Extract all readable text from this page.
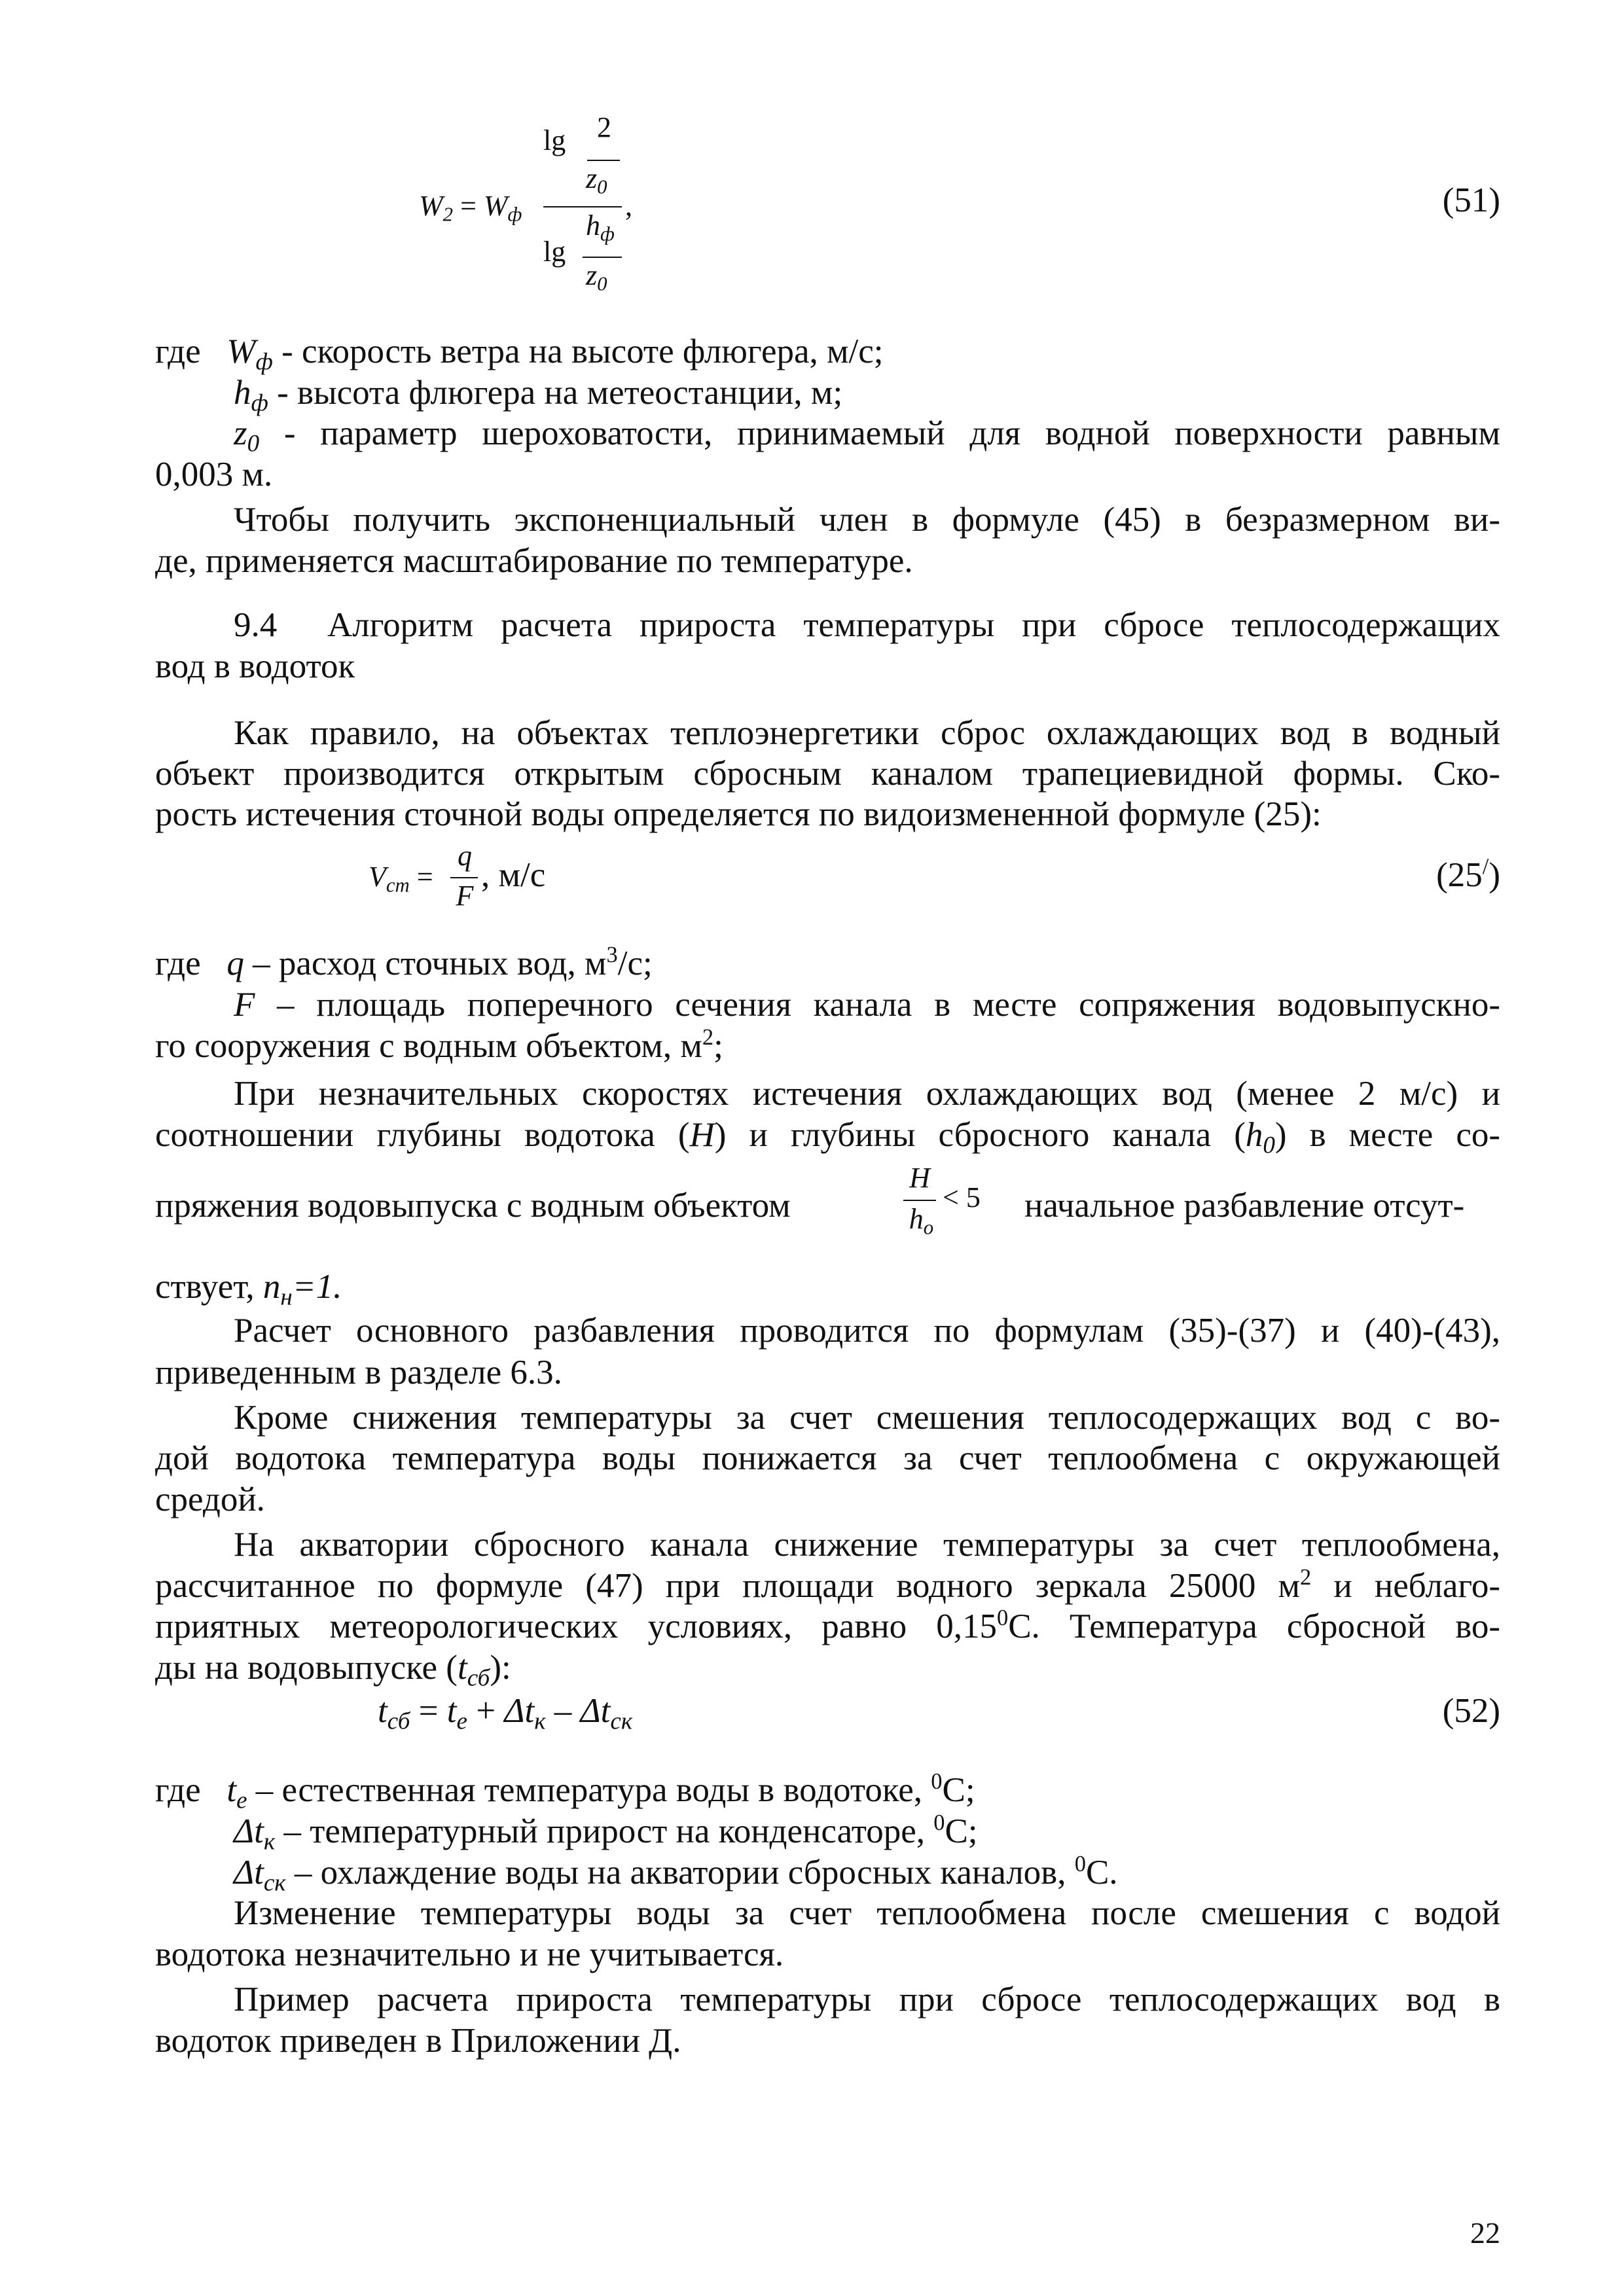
lg 2
$z_0$
$W_2 = W_ф$	,
$h_ф$
lg
$z_0$
(51)
где $W_ф$ - скорость ветра на высоте флюгера, м/с;
$h_ф$ - высота флюгера на метеостанции, м;
$z_0$ - параметр шероховатости, принимаемый для водной поверхности равным
0,003 м.
Чтобы получить экспоненциальный член в формуле (45) в безразмерном ви-
де, применяется масштабирование по температуре.
9.4 Алгоритм расчета прироста температуры при сбросе теплосодержащих
вод в водоток
Как правило, на объектах теплоэнергетики сброс охлаждающих вод в водный
объект производится открытым сбросным каналом трапециевидной формы. Ско-
рость истечения сточной воды определяется по видоизмененной формуле (25):
$V_{ст}$ =
q
F
, м/с	(25/)
где q – расход сточных вод, $м^3/с$;
F – площадь поперечного сечения канала в месте сопряжения водовыпускно-
го сооружения с водным объектом, $м^2$;
При незначительных скоростях истечения охлаждающих вод (менее 2 м/с) и
соотношении глубины водотока (H) и глубины сбросного канала $(h_0)$ в месте со-
пряжения водовыпуска с водным объектом
H
$h_o$
< 5 начальное разбавление отсут-
ствует, $n_н=1$.
Расчет основного разбавления проводится по формулам (35)-(37) и (40)-(43),
приведенным в разделе 6.3.
Кроме снижения температуры за счет смешения теплосодержащих вод с во-
дой водотока температура воды понижается за счет теплообмена с окружающей
средой.
На акватории сбросного канала снижение температуры за счет теплообмена,
рассчитанное по формуле (47) при площади водного зеркала 25000 $м^2$ и неблаго-
приятных метеорологических условиях, равно 0,15$^0$С. Температура сбросной во-
ды на водовыпуске $(t_{сб})$:
$t_{сб} = t_е + \Delta t_к - \Delta t_{ск}$	(52)
где $t_е$ – естественная температура воды в водотоке, $^0$С;
$\Delta t_к$ – температурный прирост на конденсаторе, $^0$С;
$\Delta t_{ск}$ – охлаждение воды на акватории сбросных каналов, $^0$С.
Изменение температуры воды за счет теплообмена после смешения с водой
водотока незначительно и не учитывается.
Пример расчета прироста температуры при сбросе теплосодержащих вод в
водоток приведен в Приложении Д.
22
